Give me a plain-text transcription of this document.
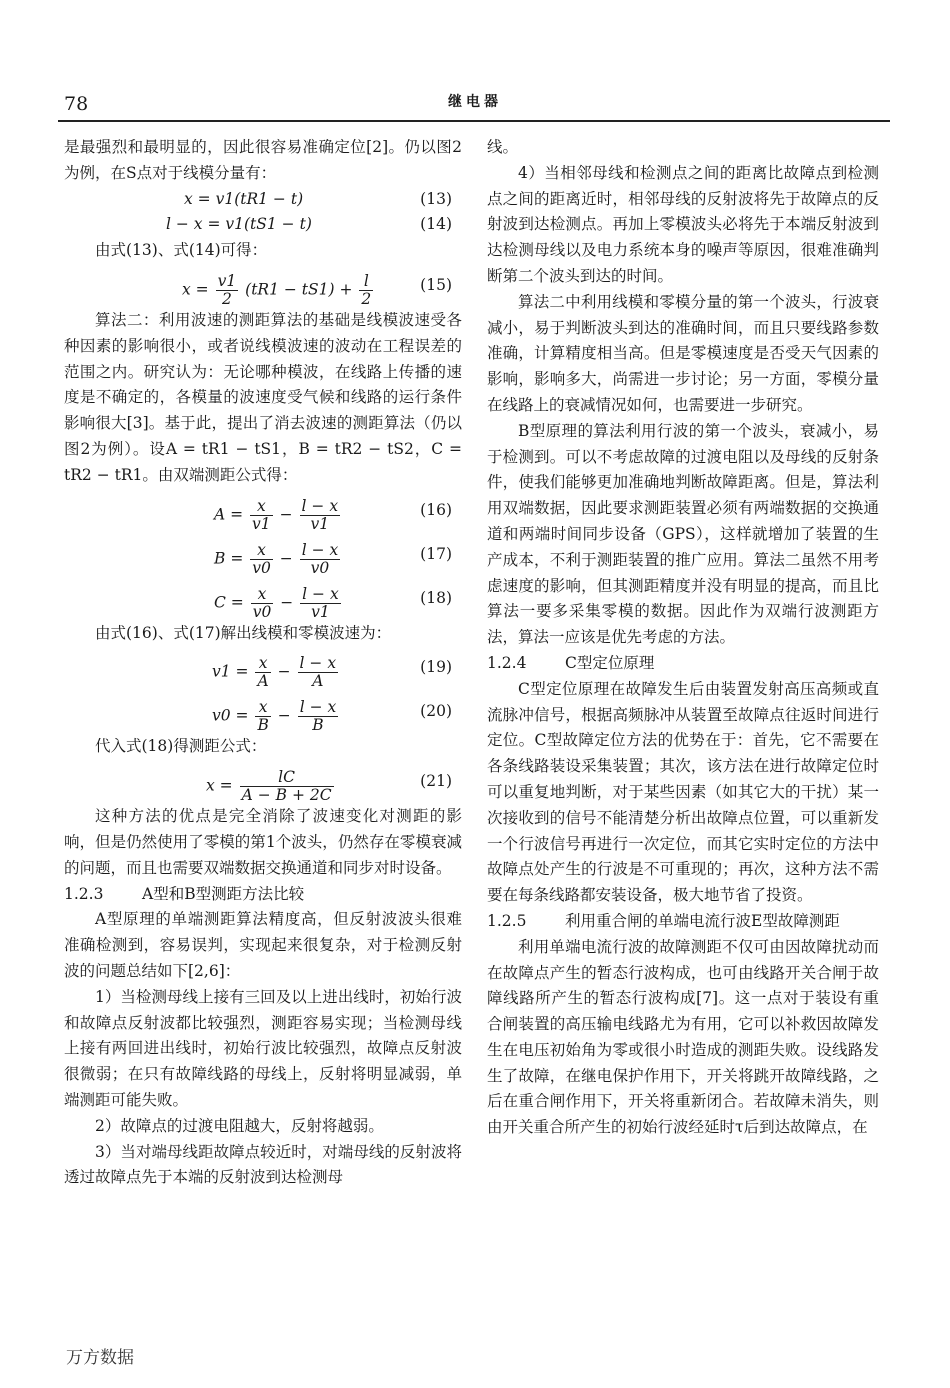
78	继电器

是最强烈和最明显的，因此很容易准确定位[2]。仍以图2为例，在S点对于线模分量有：

x = v1(tR1 − t)	(13)
l − x = v1(tS1 − t)	(14)

由式(13)、式(14)可得：

$x = \frac{v1}{2} (tR1 - tS1) + \frac{l}{2}$	(15)

算法二：利用波速的测距算法的基础是线模波速受各种因素的影响很小，或者说线模波速的波动在工程误差的范围之内。研究认为：无论哪种模波，在线路上传播的速度是不确定的，各模量的波速度受气候和线路的运行条件影响很大[3]。基于此，提出了消去波速的测距算法（仍以图2为例）。设A = tR1 − tS1，B = tR2 − tS2，C = tR2 − tR1。由双端测距公式得：

$A = \frac{x}{v1} - \frac{l - x}{v1}$	(16)
$B = \frac{x}{v0} - \frac{l - x}{v0}$	(17)
$C = \frac{x}{v0} - \frac{l - x}{v1}$	(18)

由式(16)、式(17)解出线模和零模波速为：

$v1 = \frac{x}{A} - \frac{l - x}{A}$	(19)
$v0 = \frac{x}{B} - \frac{l - x}{B}$	(20)

代入式(18)得测距公式：

$x = \frac{lC}{A - B + 2C}$	(21)

这种方法的优点是完全消除了波速变化对测距的影响，但是仍然使用了零模的第1个波头，仍然存在零模衰减的问题，而且也需要双端数据交换通道和同步对时设备。

1.2.3 A型和B型测距方法比较

A型原理的单端测距算法精度高，但反射波波头很难准确检测到，容易误判，实现起来很复杂，对于检测反射波的问题总结如下[2,6]：

1）当检测母线上接有三回及以上进出线时，初始行波和故障点反射波都比较强烈，测距容易实现；当检测母线上接有两回进出线时，初始行波比较强烈，故障点反射波很微弱；在只有故障线路的母线上，反射将明显减弱，单端测距可能失败。

2）故障点的过渡电阻越大，反射将越弱。

3）当对端母线距故障点较近时，对端母线的反射波将透过故障点先于本端的反射波到达检测母

线。

4）当相邻母线和检测点之间的距离比故障点到检测点之间的距离近时，相邻母线的反射波将先于故障点的反射波到达检测点。再加上零模波头必将先于本端反射波到达检测母线以及电力系统本身的噪声等原因，很难准确判断第二个波头到达的时间。

算法二中利用线模和零模分量的第一个波头，行波衰减小，易于判断波头到达的准确时间，而且只要线路参数准确，计算精度相当高。但是零模速度是否受天气因素的影响，影响多大，尚需进一步讨论；另一方面，零模分量在线路上的衰减情况如何，也需要进一步研究。

B型原理的算法利用行波的第一个波头，衰减小，易于检测到。可以不考虑故障的过渡电阻以及母线的反射条件，使我们能够更加准确地判断故障距离。但是，算法利用双端数据，因此要求测距装置必须有两端数据的交换通道和两端时间同步设备（GPS），这样就增加了装置的生产成本，不利于测距装置的推广应用。算法二虽然不用考虑速度的影响，但其测距精度并没有明显的提高，而且比算法一要多采集零模的数据。因此作为双端行波测距方法，算法一应该是优先考虑的方法。

1.2.4 C型定位原理

C型定位原理在故障发生后由装置发射高压高频或直流脉冲信号，根据高频脉冲从装置至故障点往返时间进行定位。C型故障定位方法的优势在于：首先，它不需要在各条线路装设采集装置；其次，该方法在进行故障定位时可以重复地判断，对于某些因素（如其它大的干扰）某一次接收到的信号不能清楚分析出故障点位置，可以重新发一个行波信号再进行一次定位，而其它实时定位的方法中故障点处产生的行波是不可重现的；再次，这种方法不需要在每条线路都安装设备，极大地节省了投资。

1.2.5 利用重合闸的单端电流行波E型故障测距

利用单端电流行波的故障测距不仅可由因故障扰动而在故障点产生的暂态行波构成，也可由线路开关合闸于故障线路所产生的暂态行波构成[7]。这一点对于装设有重合闸装置的高压输电线路尤为有用，它可以补救因故障发生在电压初始角为零或很小时造成的测距失败。设线路发生了故障，在继电保护作用下，开关将跳开故障线路，之后在重合闸作用下，开关将重新闭合。若故障未消失，则由开关重合所产生的初始行波经延时τ后到达故障点，在

万方数据
